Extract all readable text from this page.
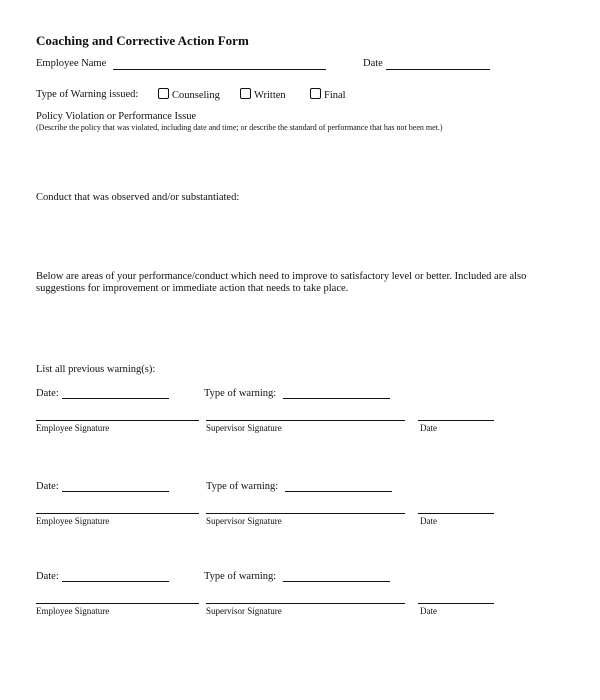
Coaching and Corrective Action Form
Employee Name	Date
Type of Warning issued:	Counseling	Written	Final
Policy Violation or Performance Issue
(Describe the policy that was violated, including date and time; or describe the standard of performance that has not been met.)
Conduct that was observed and/or substantiated:
Below are areas of your performance/conduct which need to improve to satisfactory level or better. Included are also
suggestions for improvement or immediate action that needs to take place.
List all previous warning(s):
Date:	Type of warning:
Employee Signature	Supervisor Signature	Date
Date:	Type of warning:
Employee Signature	Supervisor Signature	Date
Date:	Type of warning:
Employee Signature	Supervisor Signature	Date
